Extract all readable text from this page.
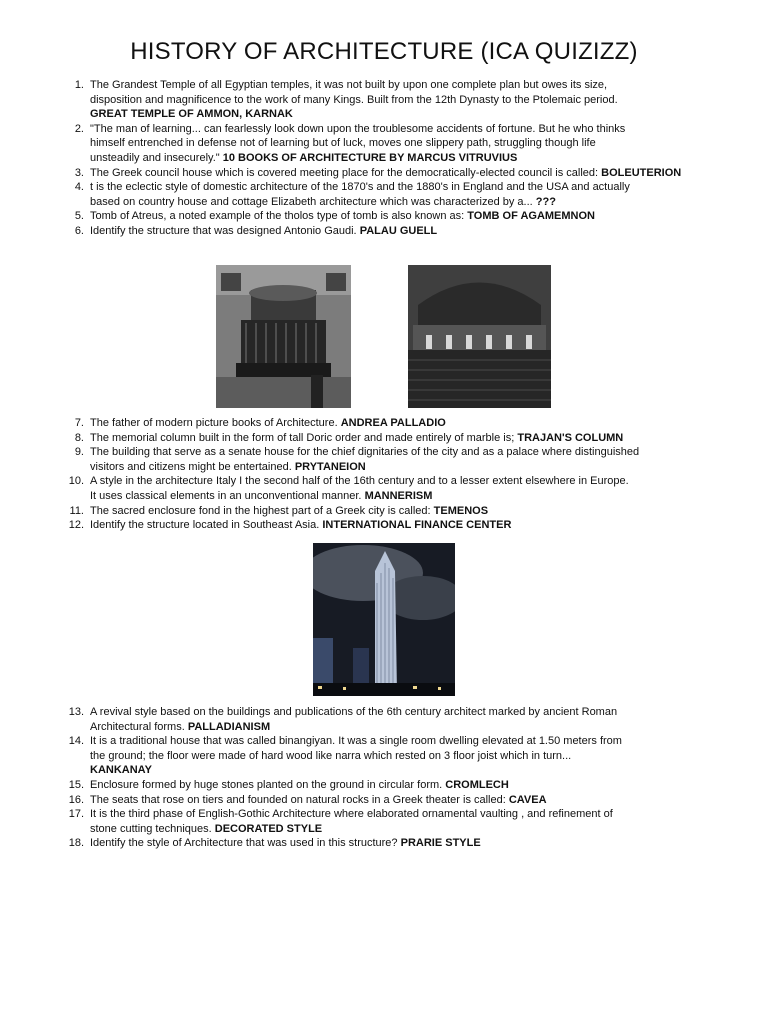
HISTORY OF ARCHITECTURE (ICA QUIZIZZ)
1. The Grandest Temple of all Egyptian temples, it was not built by upon one complete plan but owes its size,
disposition and magnificence to the work of many Kings. Built from the 12th Dynasty to the Ptolemaic period.
GREAT TEMPLE OF AMMON, KARNAK
2. "The man of learning... can fearlessly look down upon the troublesome accidents of fortune. But he who thinks
himself entrenched in defense not of learning but of luck, moves one slippery path, struggling though life
unsteadily and insecurely." 10 BOOKS OF ARCHITECTURE BY MARCUS VITRUVIUS
3. The Greek council house which is covered meeting place for the democratically-elected council is called: BOLEUTERION
4. t is the eclectic style of domestic architecture of the 1870's and the 1880's in England and the USA and actually
based on country house and cottage Elizabeth architecture which was characterized by a... ???
5. Tomb of Atreus, a noted example of the tholos type of tomb is also known as: TOMB OF AGAMEMNON
6. Identify the structure that was designed Antonio Gaudi. PALAU GUELL
7. The father of modern picture books of Architecture. ANDREA PALLADIO
8. The memorial column built in the form of tall Doric order and made entirely of marble is; TRAJAN'S COLUMN
9. The building that serve as a senate house for the chief dignitaries of the city and as a palace where distinguished
visitors and citizens might be entertained. PRYTANEION
10. A style in the architecture Italy I the second half of the 16th century and to a lesser extent elsewhere in Europe.
It uses classical elements in an unconventional manner. MANNERISM
11. The sacred enclosure fond in the highest part of a Greek city is called: TEMENOS
12. Identify the structure located in Southeast Asia. INTERNATIONAL FINANCE CENTER
13. A revival style based on the buildings and publications of the 6th century architect marked by ancient Roman
Architectural forms. PALLADIANISM
14. It is a traditional house that was called binangiyan. It was a single room dwelling elevated at 1.50 meters from
the ground; the floor were made of hard wood like narra which rested on 3 floor joist which in turn...
KANKANAY
15. Enclosure formed by huge stones planted on the ground in circular form. CROMLECH
16. The seats that rose on tiers and founded on natural rocks in a Greek theater is called: CAVEA
17. It is the third phase of English-Gothic Architecture where elaborated ornamental vaulting , and refinement of
stone cutting techniques. DECORATED STYLE
18. Identify the style of Architecture that was used in this structure? PRARIE STYLE
